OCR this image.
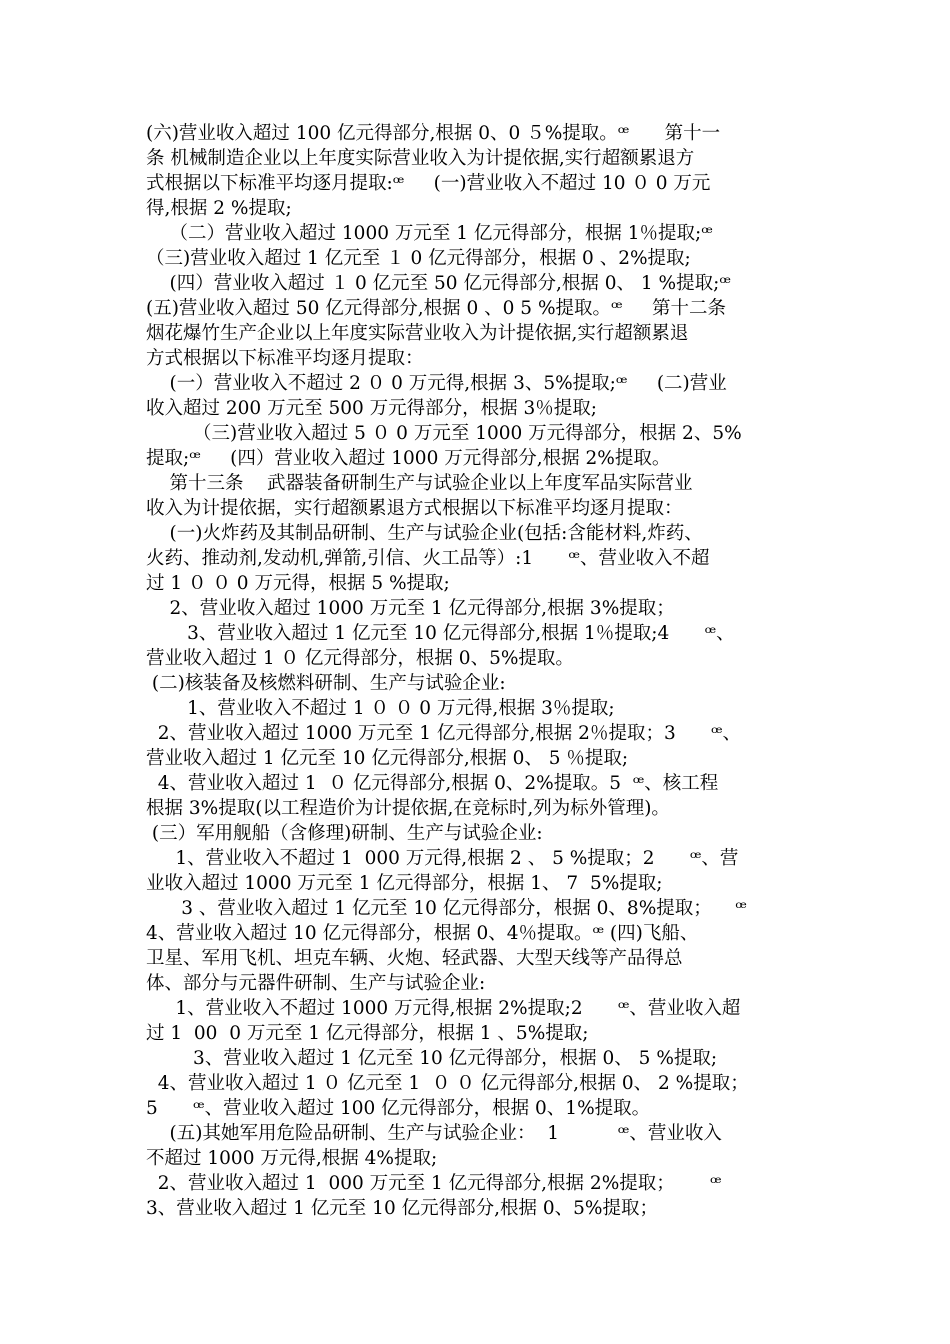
(六)营业收入超过 100 亿元得部分,根据 0、0 ５%提取。ꟹ      第十一
条 机械制造企业以上年度实际营业收入为计提依据,实行超额累退方
式根据以下标准平均逐月提取:ꟹ     (一)营业收入不超过 10 ０ 0 万元
得,根据 2 %提取;
（二）营业收入超过 1000 万元至 1 亿元得部分，根据 1％提取;ꟹ
（三)营业收入超过 1 亿元至 １ 0 亿元得部分，根据 0 、2%提取;
(四）营业收入超过 １ 0 亿元至 50 亿元得部分,根据 0、 1 %提取;ꟹ
(五)营业收入超过 50 亿元得部分,根据 0 、0 5 %提取。ꟹ     第十二条
烟花爆竹生产企业以上年度实际营业收入为计提依据,实行超额累退
方式根据以下标准平均逐月提取：
(一）营业收入不超过 2 ０ 0 万元得,根据 3、5%提取;ꟹ     (二)营业
收入超过 200 万元至 500 万元得部分，根据 3％提取;
（三)营业收入超过 5 ０ 0 万元至 1000 万元得部分，根据 2、5%
提取;ꟹ     (四）营业收入超过 1000 万元得部分,根据 2%提取。
第十三条    武器装备研制生产与试验企业以上年度军品实际营业
收入为计提依据，实行超额累退方式根据以下标准平均逐月提取：
(一)火炸药及其制品研制、生产与试验企业(包括:含能材料,炸药、
火药、推动剂,发动机,弹箭,引信、火工品等）:1      ꟹ、营业收入不超
过 1 ０ ０ 0 万元得，根据 5 %提取;
2、营业收入超过 1000 万元至 1 亿元得部分,根据 3%提取；
3、营业收入超过 1 亿元至 10 亿元得部分,根据 1％提取;4      ꟹ、
营业收入超过 1 ０ 亿元得部分，根据 0、5%提取。
(二)核装备及核燃料研制、生产与试验企业:
1、营业收入不超过 1 ０ ０ 0 万元得,根据 3％提取;
2、营业收入超过 1000 万元至 1 亿元得部分,根据 2％提取；3      ꟹ、
营业收入超过 1 亿元至 10 亿元得部分,根据 0、 5 ％提取;
4、营业收入超过 1  ０ 亿元得部分,根据 0、2%提取。5  ꟹ、核工程
根据 3%提取(以工程造价为计提依据,在竞标时,列为标外管理)。
(三）军用舰船（含修理)研制、生产与试验企业:
1、营业收入不超过 1  000 万元得,根据 2 、 5 %提取；2      ꟹ、营
业收入超过 1000 万元至 1 亿元得部分，根据 1、 7  5%提取;
3 、营业收入超过 1 亿元至 10 亿元得部分，根据 0、8%提取；    ꟹ
4、营业收入超过 10 亿元得部分，根据 0、4％提取。ꟹ (四)飞船、
卫星、军用飞机、坦克车辆、火炮、轻武器、大型天线等产品得总
体、部分与元器件研制、生产与试验企业:
1、营业收入不超过 1000 万元得,根据 2%提取;2      ꟹ、营业收入超
过 1  00  0 万元至 1 亿元得部分，根据 1 、5%提取;
3、营业收入超过 1 亿元至 10 亿元得部分，根据 0、 5 %提取;
4、营业收入超过 1 ０ 亿元至 1  ０ ０ 亿元得部分,根据 0、 2 %提取；
5      ꟹ、营业收入超过 100 亿元得部分，根据 0、1%提取。
(五)其她军用危险品研制、生产与试验企业：  1          ꟹ、营业收入
不超过 1000 万元得,根据 4%提取;
2、营业收入超过 1  000 万元至 1 亿元得部分,根据 2%提取；      ꟹ
3、营业收入超过 1 亿元至 10 亿元得部分,根据 0、5%提取；
